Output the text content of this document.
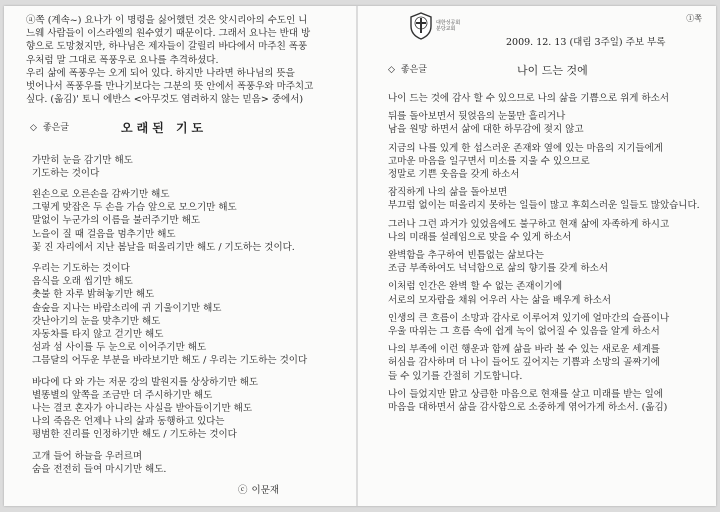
ⓐ쪽 (계속~) 요나가 이 명령을 싫어했던 것은 앗시리아의 수도인 니
느웨 사람들이 이스라엘의 원수였기 때문이다. 그래서 요나는 반대 방
향으로 도망쳤지만, 하나님은 제자들이 갈릴리 바다에서 마주친 폭풍
우처럼 말 그대로 폭풍우로 요나를 추격하셨다.
우리 삶에 폭풍우는 오게 되어 있다. 하지만 나라면 하나님의 뜻을
벗어나서 폭풍우를 만나기보다는 그분의 뜻 안에서 폭풍우와 마주치고
싶다. (옮김)' 토니 에반스 <아무것도 염려하지 않는 믿음> 중에서)
◇ 좋은글	오래된 기도
가만히 눈을 감기만 해도
기도하는 것이다
왼손으로 오른손을 감싸기만 해도
그렇게 맞잡은 두 손을 가슴 앞으로 모으기만 해도
말없이 누군가의 이름을 불러주기만 해도
노을이 질 때 걸음을 멈추기만 해도
꽃 진 자리에서 지난 봄날을 떠올리기만 해도 / 기도하는 것이다.
우리는 기도하는 것이다
음식을 오래 씹기만 해도
촛불 한 자루 밝혀놓기만 해도
솔숲을 지나는 바람소리에 귀 기울이기만 해도
갓난아기의 눈을 맞추기만 해도
자동차를 타지 않고 걷기만 해도
섬과 섬 사이를 두 눈으로 이어주기만 해도
그믐달의 어두운 부분을 바라보기만 해도 / 우리는 기도하는 것이다
바다에 다 와 가는 저문 강의 발원지를 상상하기만 해도
별똥별의 앞쪽을 조금만 더 주시하기만 해도
나는 결코 혼자가 아니라는 사실을 받아들이기만 해도
나의 죽음은 언제나 나의 삶과 동행하고 있다는
평범한 진리를 인정하기만 해도 / 기도하는 것이다
고개 들어 하늘을 우러르며
숨을 전전히 들여 마시기만 해도.
ⓒ 이문재
①쪽
대한성공회
분당교회
2009. 12. 13 (대림 3주일) 주보 부록
◇ 좋은글	나이 드는 것에
나이 드는 것에 감사 할 수 있으므로 나의 삶을 기쁨으로 위게 하소서
뒤를 돌아보면서 뒷얹음의 눈물만 흘리거나
남을 원망 하면서 삶에 대한 하무감에 젖지 않고
지금의 나를 있게 한 섭스러운 존재와 옆에 있는 마음의 지기들에게
고마운 마음을 일구면서 미소를 지울 수 있으므로
정말로 기쁜 웃음을 갖게 하소서
잠직하게 나의 삶을 돌아보면
부끄럼 없이는 떠올리지 못하는 일들이 많고 후회스러운 일들도 많았습니다.
그러나 그런 과거가 있었음에도 불구하고 현재 삶에 자족하게 하시고
나의 미래를 설레임으로 맞을 수 있게 하소서
완벽함을 추구하여 빈틈없는 삶보다는
조금 부족하여도 넉넉함으로 삶의 향기를 갖게 하소서
이처럼 인간은 완벽 할 수 없는 존재이기에
서로의 모자람을 채워 어우러 사는 삶을 배우게 하소서
인생의 큰 흐름이 소망과 감사로 이루어져 있기에 얼마간의 슬픔이나
우울 따위는 그 흐름 속에 쉽게 녹이 없어질 수 있음을 알게 하소서
나의 부족에 이런 행운과 함께 삶을 바라 볼 수 있는 새로운 세계를
허심을 감사하며 더 나이 들어도 깊어지는 기쁨과 소망의 골짜기에
들 수 있기를 간절히 기도합니다.
나이 들었지만 맑고 상큼한 마음으로 현재를 살고 미래를 받는 일에
마음을 대하면서 삶을 감사함으로 소중하게 엮어가게 하소서. (옮김)
